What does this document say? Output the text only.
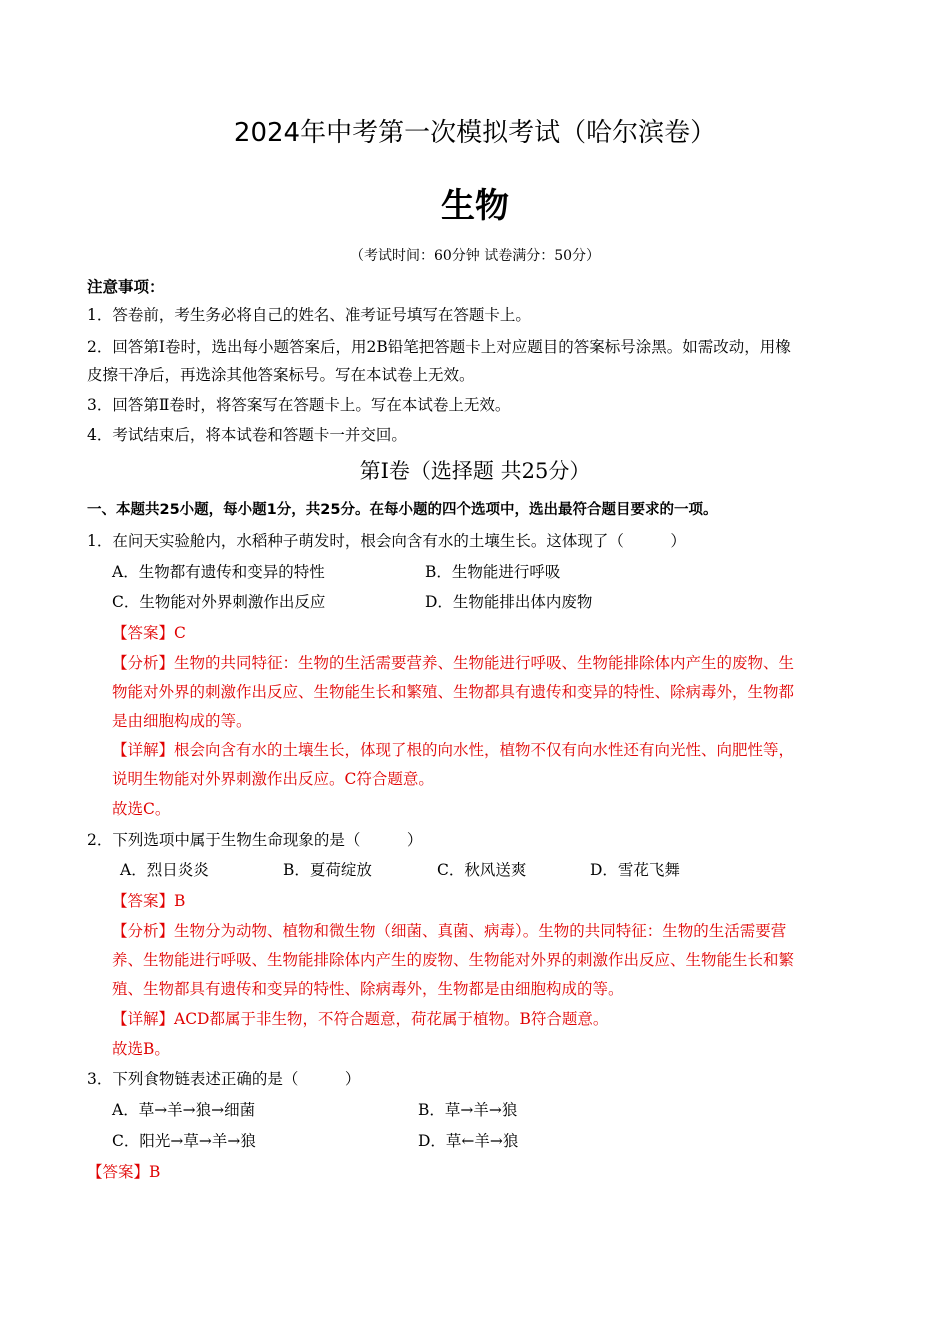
2024年中考第一次模拟考试（哈尔滨卷）
生物
（考试时间：60分钟 试卷满分：50分）
注意事项：
1．答卷前，考生务必将自己的姓名、准考证号填写在答题卡上。
2．回答第Ⅰ卷时，选出每小题答案后，用2B铅笔把答题卡上对应题目的答案标号涂黑。如需改动，用橡
皮擦干净后，再选涂其他答案标号。写在本试卷上无效。
3．回答第Ⅱ卷时，将答案写在答题卡上。写在本试卷上无效。
4．考试结束后，将本试卷和答题卡一并交回。
第Ⅰ卷（选择题 共25分）
一、本题共25小题，每小题1分，共25分。在每小题的四个选项中，选出最符合题目要求的一项。
1．在问天实验舱内，水稻种子萌发时，根会向含有水的土壤生长。这体现了（　　　）
A．生物都有遗传和变异的特性	B．生物能进行呼吸
C．生物能对外界刺激作出反应	D．生物能排出体内废物
【答案】C
【分析】生物的共同特征：生物的生活需要营养、生物能进行呼吸、生物能排除体内产生的废物、生
物能对外界的刺激作出反应、生物能生长和繁殖、生物都具有遗传和变异的特性、除病毒外，生物都
是由细胞构成的等。
【详解】根会向含有水的土壤生长，体现了根的向水性，植物不仅有向水性还有向光性、向肥性等，
说明生物能对外界刺激作出反应。C符合题意。
故选C。
2．下列选项中属于生物生命现象的是（　　　）
A．烈日炎炎	B．夏荷绽放	C．秋风送爽	D．雪花飞舞
【答案】B
【分析】生物分为动物、植物和微生物（细菌、真菌、病毒）。生物的共同特征：生物的生活需要营
养、生物能进行呼吸、生物能排除体内产生的废物、生物能对外界的刺激作出反应、生物能生长和繁
殖、生物都具有遗传和变异的特性、除病毒外，生物都是由细胞构成的等。
【详解】ACD都属于非生物，不符合题意，荷花属于植物。B符合题意。
故选B。
3．下列食物链表述正确的是（　　　）
A．草→羊→狼→细菌	B．草→羊→狼
C．阳光→草→羊→狼	D．草←羊→狼
【答案】B
